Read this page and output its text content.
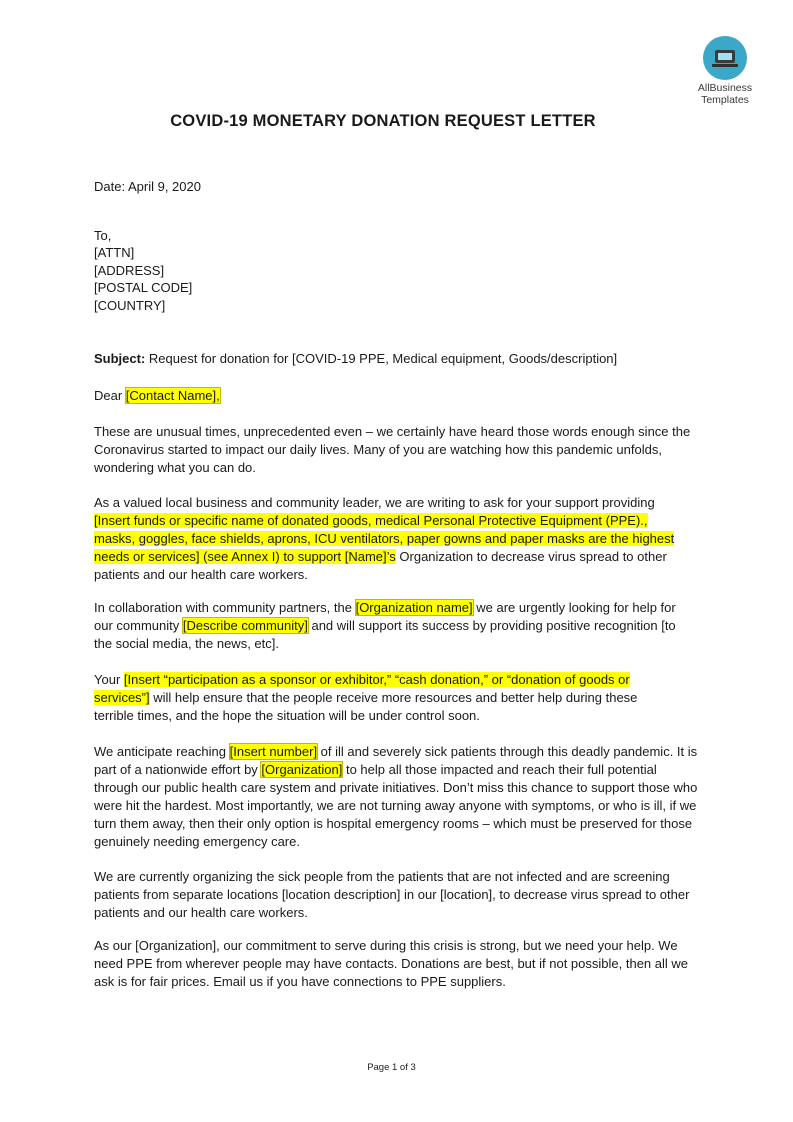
AllBusiness
Templates
COVID-19 MONETARY DONATION REQUEST LETTER

Date: April 9, 2020

To,

[ATTN]

[ADDRESS]

[POSTAL CODE]

[COUNTRY]

Subject: Request for donation for [COVID-19 PPE, Medical equipment, Goods/description]

Dear [Contact Name],

These are unusual times, unprecedented even – we certainly have heard those words enough since the Coronavirus started to impact our daily lives. Many of you are watching how this pandemic unfolds, wondering what you can do.

As a valued local business and community leader, we are writing to ask for your support providing [Insert funds or specific name of donated goods, medical Personal Protective Equipment (PPE)., masks, goggles, face shields, aprons, ICU ventilators, paper gowns and paper masks are the highest needs or services] (see Annex I) to support [Name]’s Organization to decrease virus spread to other patients and our health care workers.

In collaboration with community partners, the [Organization name] we are urgently looking for help for our community [Describe community] and will support its success by providing positive recognition [to the social media, the news, etc].

Your [Insert “participation as a sponsor or exhibitor,” “cash donation,” or “donation of goods or services”] will help ensure that the people receive more resources and better help during these terrible times, and the hope the situation will be under control soon.

We anticipate reaching [Insert number] of ill and severely sick patients through this deadly pandemic. It is part of a nationwide effort by [Organization] to help all those impacted and reach their full potential through our public health care system and private initiatives. Don’t miss this chance to support those who were hit the hardest. Most importantly, we are not turning away anyone with symptoms, or who is ill, if we turn them away, then their only option is hospital emergency rooms – which must be preserved for those genuinely needing emergency care.

We are currently organizing the sick people from the patients that are not infected and are screening patients from separate locations [location description] in our [location], to decrease virus spread to other patients and our health care workers.

As our [Organization], our commitment to serve during this crisis is strong, but we need your help. We need PPE from wherever people may have contacts. Donations are best, but if not possible, then all we ask is for fair prices. Email us if you have connections to PPE suppliers.

Page 1 of 3
